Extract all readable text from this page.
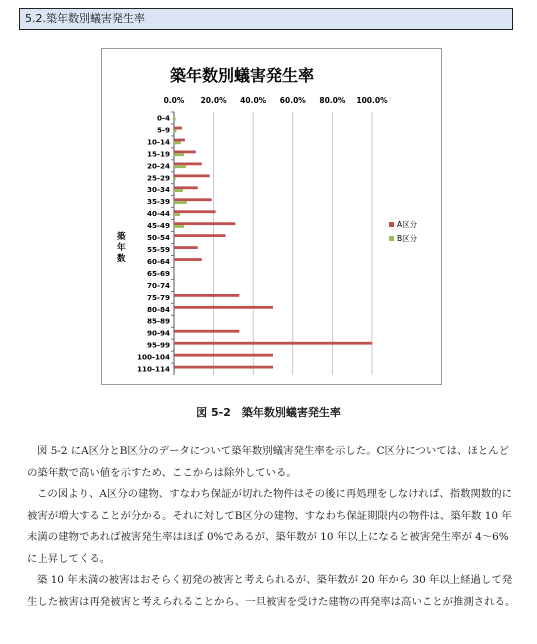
5.2.築年数別蟻害発生率
築年数別蟻害発生率
0.0% 20.0% 40.0% 60.0% 80.0% 100.0%
0-4
5-9
10-14
15-19
20-24
25-29
30-34
35-39
40-44
45-49
50-54
55-59
60-64
65-69
70-74
75-79
80-84
85-89
90-94
95-99
100-104
110-114
築年数
A区分
B区分
図 5-2　築年数別蟻害発生率

図 5-2 にA区分とB区分のデータについて築年数別蟻害発生率を示した。C区分については、ほとんどの築年数で高い値を示すため、ここからは除外している。

この図より、A区分の建物、すなわち保証が切れた物件はその後に再処理をしなければ、指数関数的に被害が増大することが分かる。それに対してB区分の建物、すなわち保証期限内の物件は、築年数 10 年未満の建物であれば被害発生率はほぼ 0%であるが、築年数が 10 年以上になると被害発生率が 4～6%に上昇してくる。

築 10 年未満の被害はおそらく初発の被害と考えられるが、築年数が 20 年から 30 年以上経過して発生した被害は再発被害と考えられることから、一旦被害を受けた建物の再発率は高いことが推測される。
